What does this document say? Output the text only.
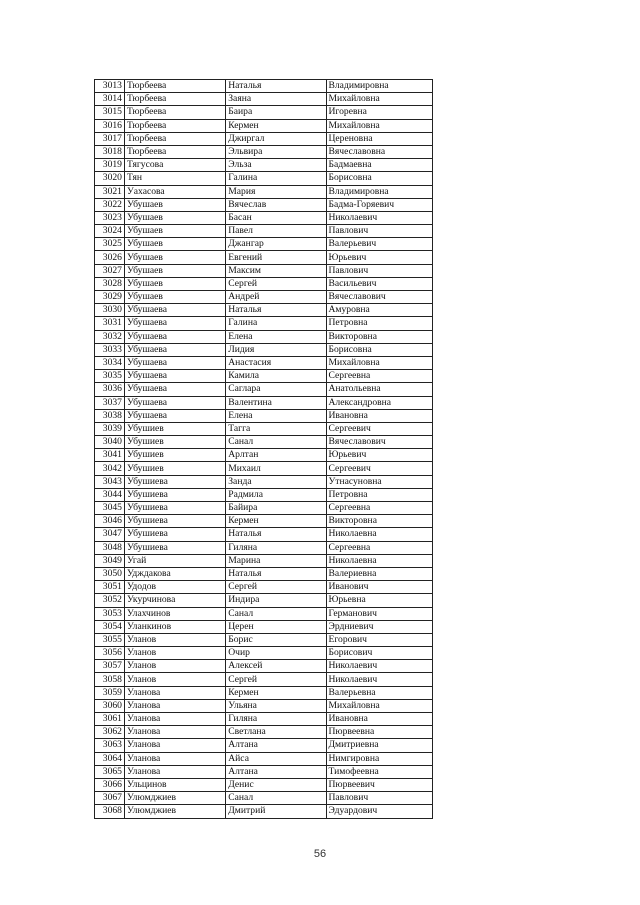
3013	Тюрбеева	Наталья	Владимировна
3014	Тюрбеева	Заяна	Михайловна
3015	Тюрбеева	Баира	Игоревна
3016	Тюрбеева	Кермен	Михайловна
3017	Тюрбеева	Джиргал	Цереновна
3018	Тюрбеева	Эльвира	Вячеславовна
3019	Тягусова	Эльза	Бадмаевна
3020	Тян	Галина	Борисовна
3021	Уахасова	Мария	Владимировна
3022	Убушаев	Вячеслав	Бадма-Горяевич
3023	Убушаев	Басан	Николаевич
3024	Убушаев	Павел	Павлович
3025	Убушаев	Джангар	Валерьевич
3026	Убушаев	Евгений	Юрьевич
3027	Убушаев	Максим	Павлович
3028	Убушаев	Сергей	Васильевич
3029	Убушаев	Андрей	Вячеславович
3030	Убушаева	Наталья	Амуровна
3031	Убушаева	Галина	Петровна
3032	Убушаева	Елена	Викторовна
3033	Убушаева	Лидия	Борисовна
3034	Убушаева	Анастасия	Михайловна
3035	Убушаева	Камила	Сергеевна
3036	Убушаева	Саглара	Анатольевна
3037	Убушаева	Валентина	Александровна
3038	Убушаева	Елена	Ивановна
3039	Убушиев	Тагга	Сергеевич
3040	Убушиев	Санал	Вячеславович
3041	Убушиев	Арлтан	Юрьевич
3042	Убушиев	Михаил	Сергеевич
3043	Убушиева	Занда	Утнасуновна
3044	Убушиева	Радмила	Петровна
3045	Убушиева	Байира	Сергеевна
3046	Убушиева	Кермен	Викторовна
3047	Убушиева	Наталья	Николаевна
3048	Убушиева	Гиляна	Сергеевна
3049	Угай	Марина	Николаевна
3050	Удждакова	Наталья	Валериевна
3051	Удодов	Сергей	Иванович
3052	Укурчинова	Индира	Юрьевна
3053	Улахчинов	Санал	Германович
3054	Уланкинов	Церен	Эрдниевич
3055	Уланов	Борис	Егорович
3056	Уланов	Очир	Борисович
3057	Уланов	Алексей	Николаевич
3058	Уланов	Сергей	Николаевич
3059	Уланова	Кермен	Валерьевна
3060	Уланова	Ульяна	Михайловна
3061	Уланова	Гиляна	Ивановна
3062	Уланова	Светлана	Пюрвеевна
3063	Уланова	Алтана	Дмитриевна
3064	Уланова	Айса	Нимгировна
3065	Уланова	Алтана	Тимофеевна
3066	Ульцинов	Денис	Пюрвеевич
3067	Улюмджиев	Санал	Павлович
3068	Улюмджиев	Дмитрий	Эдуардович
56
